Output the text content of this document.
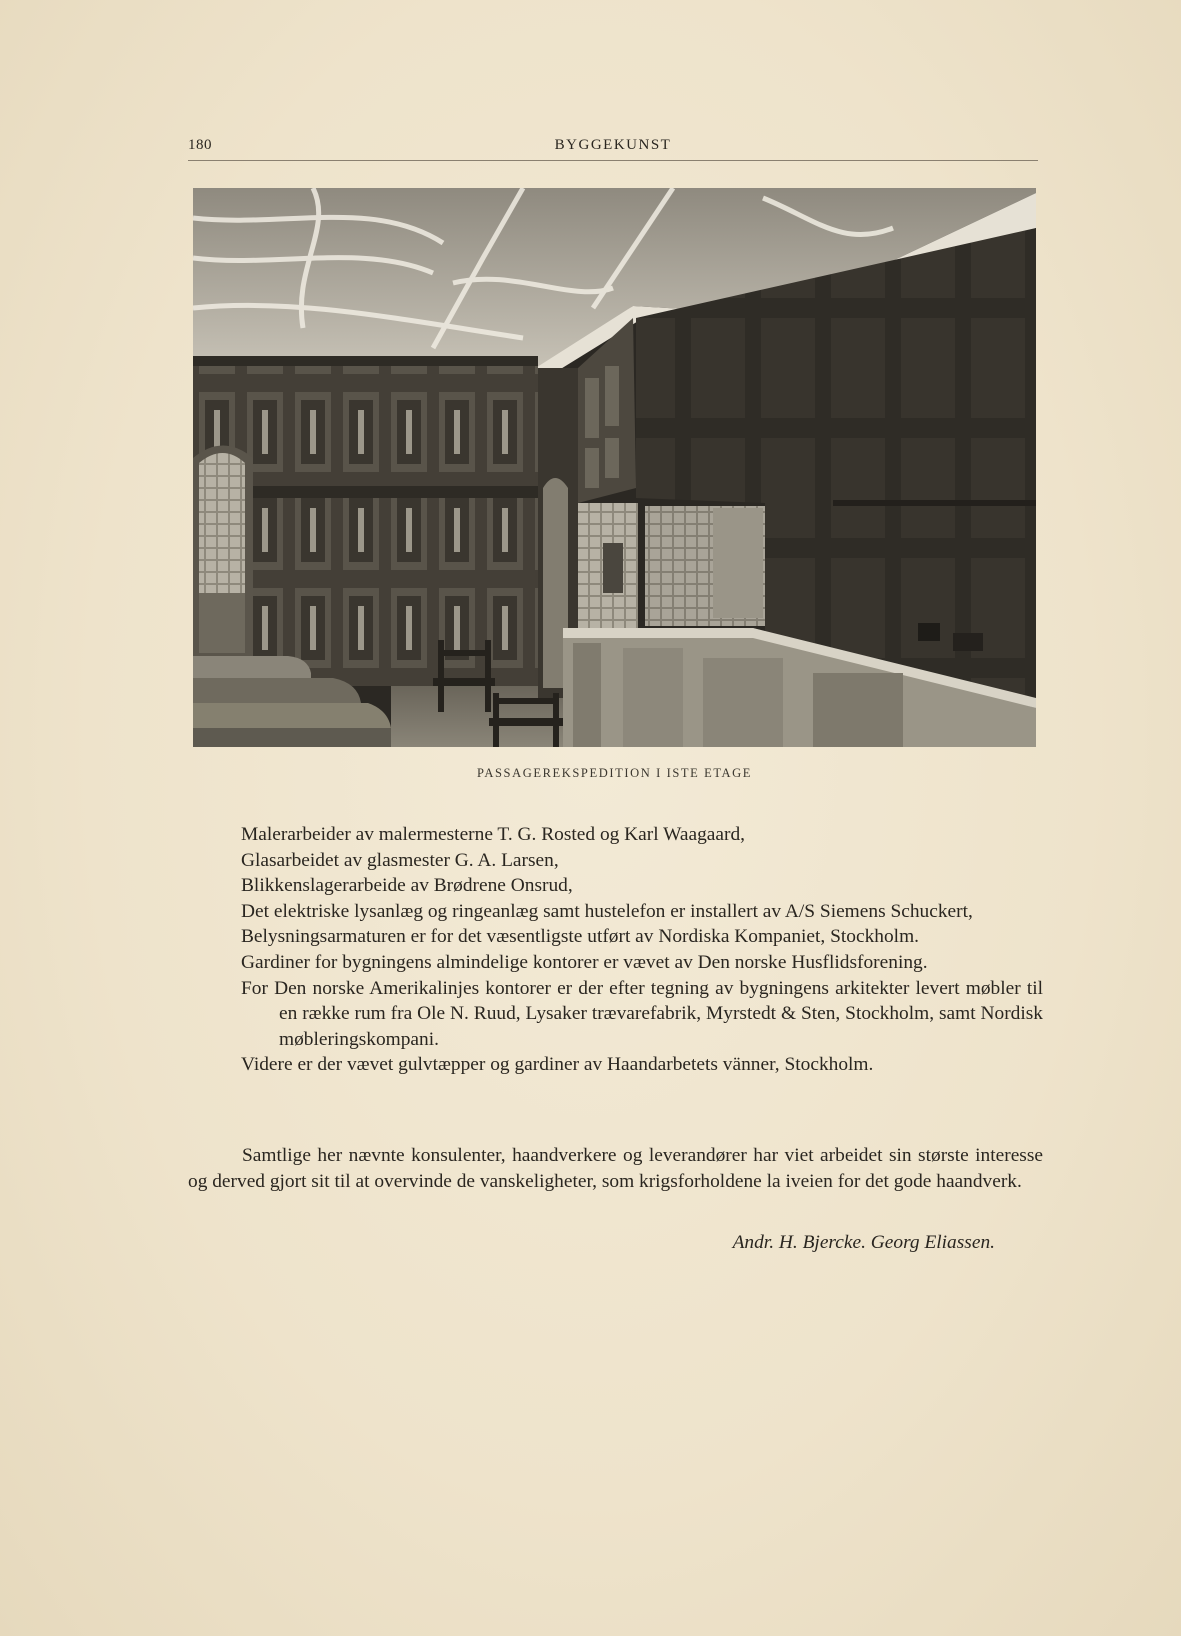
180	BYGGEKUNST
PASSAGEREKSPEDITION I ISTE ETAGE

Malerarbeider av malermesterne T. G. Rosted og Karl Waagaard,

Glasarbeidet av glasmester G. A. Larsen,

Blikkenslagerarbeide av Brødrene Onsrud,

Det elektriske lysanlæg og ringeanlæg samt hustelefon er installert av A/S Siemens Schuckert,

Belysningsarmaturen er for det væsentligste utført av Nordiska Kompaniet, Stockholm.

Gardiner for bygningens almindelige kontorer er vævet av Den norske Husflidsforening.

For Den norske Amerikalinjes kontorer er der efter tegning av bygningens arkitekter levert møbler til en række rum fra Ole N. Ruud, Lysaker trævarefabrik, Myrstedt & Sten, Stockholm, samt Nordisk møbleringskompani.

Videre er der vævet gulvtæpper og gardiner av Haandarbetets vänner, Stockholm.

Samtlige her nævnte konsulenter, haandverkere og leverandører har viet arbeidet sin største interesse og derved gjort sit til at overvinde de vanskeligheter, som krigsforholdene la iveien for det gode haandverk.

Andr. H. Bjercke. Georg Eliassen.
